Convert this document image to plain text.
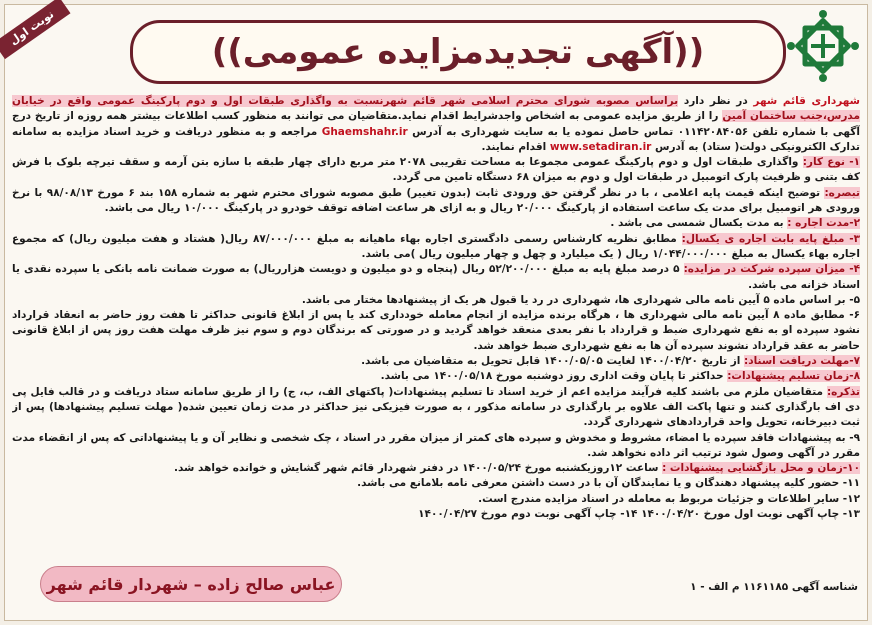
نوبت اول
((آگهی تجدیدمزایده عمومی))

شهرداری قائم شهر در نظر دارد براساس مصوبه شورای محترم اسلامی شهر قائم شهرنسبت به واگذاری طبقات اول و دوم پارکینگ عمومی واقع در خیابان مدرس،جنب ساختمان آمین را از طریق مزایده عمومی به اشخاص واجدشرایط اقدام نماید.متقاضیان می توانند به منظور کسب اطلاعات بیشتر همه روزه از تاریخ درج آگهی با شماره تلفن ۰۱۱۴۲۰۸۴۰۵۶ تماس حاصل نموده یا به سایت شهرداری به آدرس Ghaemshahr.ir مراجعه و به منظور دریافت و خرید اسناد مزایده به سامانه تدارک الکترونیکی دولت( ستاد) به آدرس www.setadiran.ir اقدام نمایند.

۱- نوع کار: واگذاری طبقات اول و دوم پارکینگ عمومی مجموعا به مساحت تقریبی ۲۰۷۸ متر مربع دارای چهار طبقه با سازه بتن آرمه و سقف تیرچه بلوک با فرش کف بتنی و ظرفیت پارک اتومبیل در طبقات اول و دوم به میزان ۶۸ دستگاه تامین می گردد.

تبصره: توضیح اینکه قیمت پایه اعلامی ، با در نظر گرفتن حق ورودی ثابت (بدون تغییر) طبق مصوبه شورای محترم شهر به شماره ۱۵۸ بند ۶ مورخ ۹۸/۰۸/۱۳ با نرخ ورودی هر اتومبیل برای مدت یک ساعت استفاده از پارکینگ ۲۰/۰۰۰ ریال و به ازای هر ساعت اضافه توقف خودرو در پارکینگ ۱۰/۰۰۰ ریال می باشد.

۲-مدت اجاره : به مدت یکسال شمسی می باشد .

۳- مبلغ پایه بابت اجاره ی یکسال: مطابق نظریه کارشناس رسمی دادگستری اجاره بهاء ماهیانه به مبلغ ۸۷/۰۰۰/۰۰۰ ریال( هشتاد و هفت میلیون ریال) که مجموع اجاره بهاء یکسال به مبلغ ۱/۰۴۴/۰۰۰/۰۰۰ ریال ( یک میلیارد و چهل و چهار میلیون ریال )می باشد.

۴- میزان سپرده شرکت در مزایده: ۵ درصد مبلغ پایه به مبلغ ۵۲/۲۰۰/۰۰۰ ریال (پنجاه و دو میلیون و دویست هزارریال) به صورت ضمانت نامه بانکی یا سپرده نقدی یا اسناد خزانه می باشد.

۵- بر اساس ماده ۵ آیین نامه مالی شهرداری ها، شهرداری در رد یا قبول هر یک از پیشنهادها مختار می باشد.

۶- مطابق ماده ۸ آیین نامه مالی شهرداری ها ، هرگاه برنده مزایده از انجام معامله خودداری کند یا پس از ابلاغ قانونی حداکثر تا هفت روز حاضر به انعقاد قرارداد نشود سپرده او به نفع شهرداری ضبط و قرارداد با نفر بعدی منعقد خواهد گردید و در صورتی که برندگان دوم و سوم نیز ظرف مهلت هفت روز پس از ابلاغ قانونی حاضر به عقد قرارداد نشوند سپرده آن ها به نفع شهرداری ضبط خواهد شد.

۷-مهلت دریافت اسناد: از تاریخ ۱۴۰۰/۰۴/۲۰ لغایت ۱۴۰۰/۰۵/۰۵ قابل تحویل به متقاضیان می باشد.

۸-زمان تسلیم پیشنهادات: حداکثر تا پایان وقت اداری روز دوشنبه مورخ ۱۴۰۰/۰۵/۱۸ می باشد.

تذکره: متقاضیان ملزم می باشند کلیه فرآیند مزایده اعم از خرید اسناد تا تسلیم پیشنهادات( پاکتهای الف، ب، ج) را از طریق سامانه ستاد دریافت و در قالب فایل پی دی اف بارگذاری کنند و تنها پاکت الف علاوه بر بارگذاری در سامانه مذکور ، به صورت فیزیکی نیز حداکثر در مدت زمان تعیین شده( مهلت تسلیم پیشنهادها) پس از ثبت دبیرخانه، تحویل واحد قراردادهای شهرداری گردد.

۹- به پیشنهادات فاقد سپرده یا امضاء، مشروط و مخدوش و سپرده های کمتر از میزان مقرر در اسناد ، چک شخصی و نظایر آن و یا پیشنهاداتی که پس از انقضاء مدت مقرر در آگهی وصول شود ترتیب اثر داده نخواهد شد.

۱۰-زمان و محل بازگشایی پیشنهادات : ساعت ۱۲روزیکشنبه مورخ ۱۴۰۰/۰۵/۲۴ در دفتر شهردار قائم شهر گشایش و خوانده خواهد شد.

۱۱- حضور کلیه پیشنهاد دهندگان و یا نمایندگان آن با در دست داشتن معرفی نامه بلامانع می باشد.

۱۲- سایر اطلاعات و جزئیات مربوط به معامله در اسناد مزایده مندرج است.

۱۳- چاپ آگهی نوبت اول مورخ ۱۴۰۰/۰۴/۲۰ ۱۴- چاپ آگهی نوبت دوم مورخ ۱۴۰۰/۰۴/۲۷

شناسه آگهی ۱۱۶۱۱۸۵ م الف - ۱
عباس صالح زاده – شهردار قائم شهر
